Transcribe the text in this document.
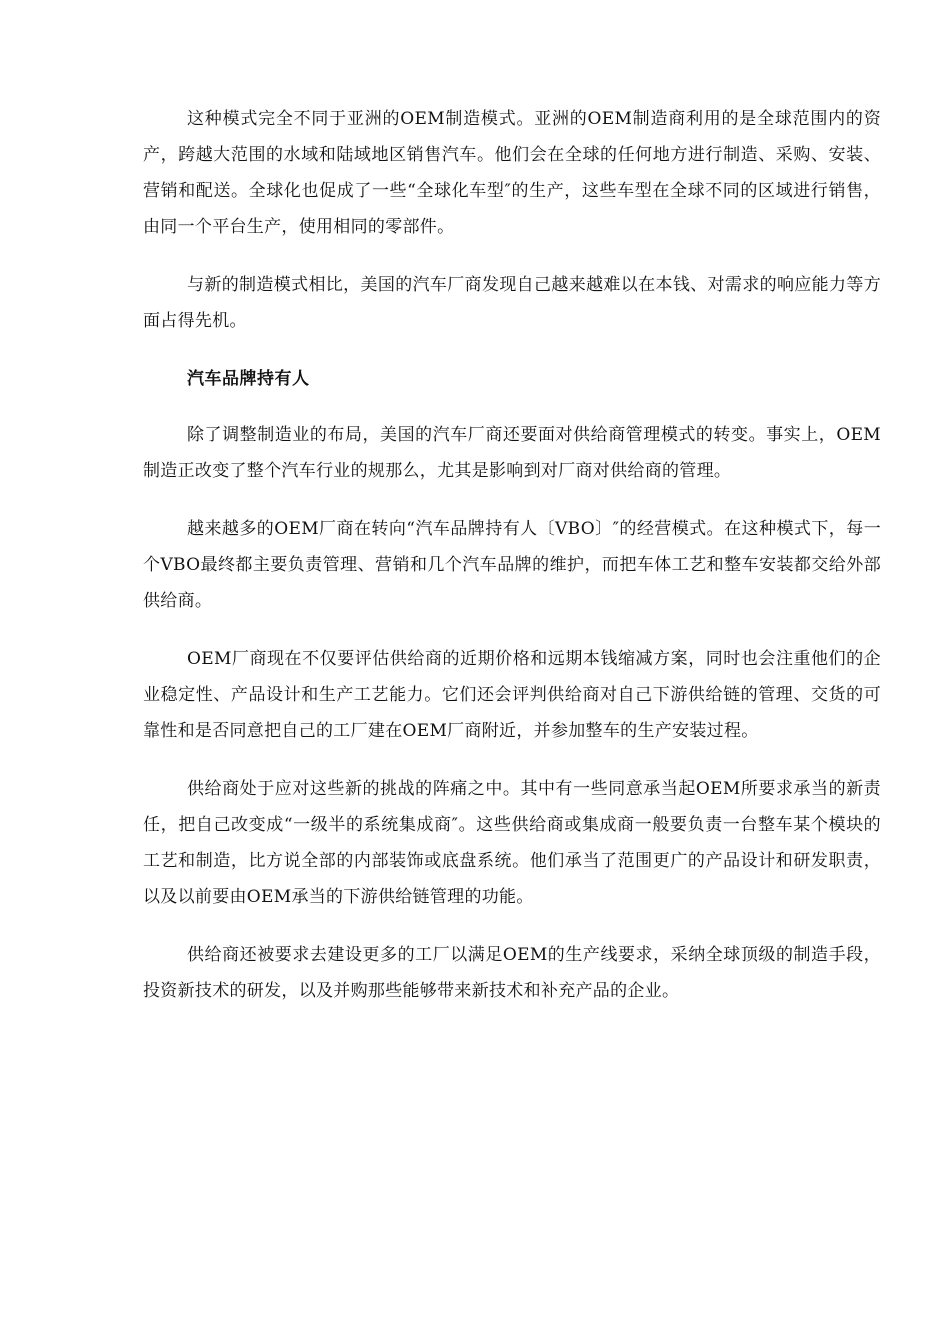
这种模式完全不同于亚洲的OEM制造模式。亚洲的OEM制造商利用的是全球范围内的资产，跨越大范围的水域和陆域地区销售汽车。他们会在全球的任何地方进行制造、采购、安装、营销和配送。全球化也促成了一些“全球化车型″的生产，这些车型在全球不同的区域进行销售，由同一个平台生产，使用相同的零部件。

与新的制造模式相比，美国的汽车厂商发现自己越来越难以在本钱、对需求的响应能力等方面占得先机。

汽车品牌持有人

除了调整制造业的布局，美国的汽车厂商还要面对供给商管理模式的转变。事实上，OEM制造正改变了整个汽车行业的规那么，尤其是影响到对厂商对供给商的管理。

越来越多的OEM厂商在转向“汽车品牌持有人〔VBO〕″的经营模式。在这种模式下，每一个VBO最终都主要负责管理、营销和几个汽车品牌的维护，而把车体工艺和整车安装都交给外部供给商。

OEM厂商现在不仅要评估供给商的近期价格和远期本钱缩减方案，同时也会注重他们的企业稳定性、产品设计和生产工艺能力。它们还会评判供给商对自己下游供给链的管理、交货的可靠性和是否同意把自己的工厂建在OEM厂商附近，并参加整车的生产安装过程。

供给商处于应对这些新的挑战的阵痛之中。其中有一些同意承当起OEM所要求承当的新责任，把自己改变成“一级半的系统集成商″。这些供给商或集成商一般要负责一台整车某个模块的工艺和制造，比方说全部的内部装饰或底盘系统。他们承当了范围更广的产品设计和研发职责，以及以前要由OEM承当的下游供给链管理的功能。

供给商还被要求去建设更多的工厂以满足OEM的生产线要求，采纳全球顶级的制造手段，投资新技术的研发，以及并购那些能够带来新技术和补充产品的企业。
